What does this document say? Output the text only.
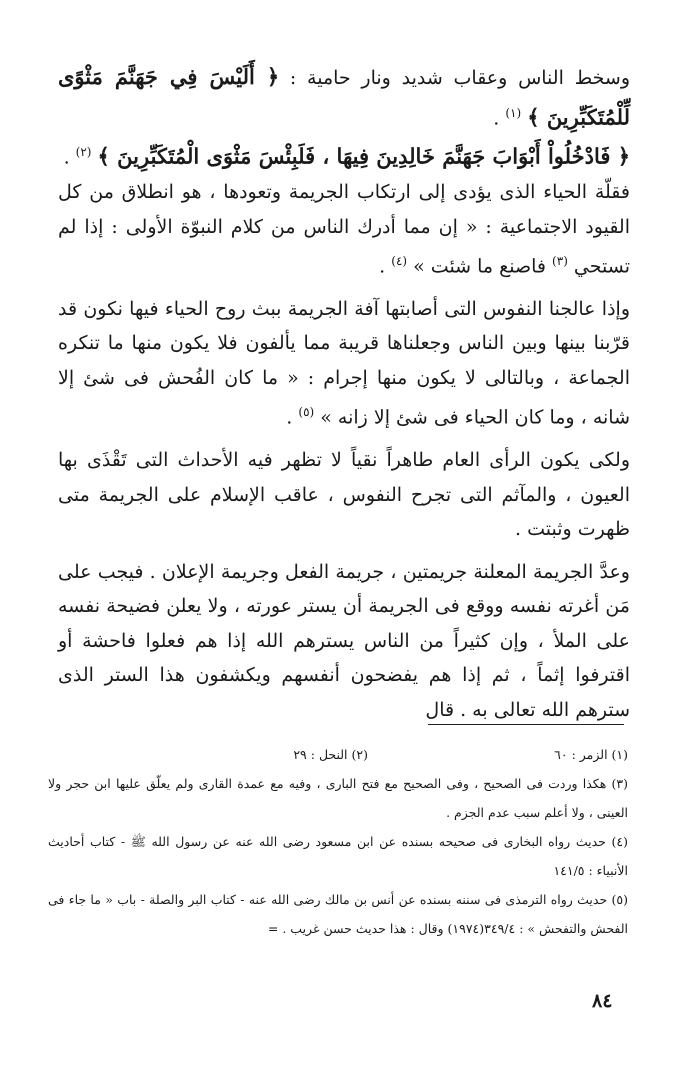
وسخط الناس وعقاب شديد ونار حامية : ﴿ أَلَيْسَ فِي جَهَنَّمَ مَثْوًى لِّلْمُتَكَبِّرِينَ ﴾ $^{(١)}$ .

﴿ فَادْخُلُواْ أَبْوَابَ جَهَنَّمَ خَالِدِينَ فِيهَا ، فَلَبِئْسَ مَثْوَى الْمُتَكَبِّرِينَ ﴾ $^{(٢)}$ .

فقلّة الحياء الذى يؤدى إلى ارتكاب الجريمة وتعودها ، هو انطلاق من كل القيود الاجتماعية : « إن مما أدرك الناس من كلام النبوّة الأولى : إذا لم تستحي $^{(٣)}$ فاصنع ما شئت » $^{(٤)}$ .

وإذا عالجنا النفوس التى أصابتها آفة الجريمة ببث روح الحياء فيها نكون قد قرّبنا بينها وبين الناس وجعلناها قريبة مما يألفون فلا يكون منها ما تنكره الجماعة ، وبالتالى لا يكون منها إجرام : « ما كان الفُحش فى شئ إلا شانه ، وما كان الحياء فى شئ إلا زانه » $^{(٥)}$ .

ولكى يكون الرأى العام طاهراً نقياً لا تظهر فيه الأحداث التى تَقْذَى بها العيون ، والمآثم التى تجرح النفوس ، عاقب الإسلام على الجريمة متى ظهرت وثبتت .

وعدَّ الجريمة المعلنة جريمتين ، جريمة الفعل وجريمة الإعلان . فيجب على مَن أغرته نفسه ووقع فى الجريمة أن يستر عورته ، ولا يعلن فضيحة نفسه على الملأ ، وإن كثيراً من الناس يسترهم الله إذا هم فعلوا فاحشة أو اقترفوا إثماً ، ثم إذا هم يفضحون أنفسهم ويكشفون هذا الستر الذى سترهم الله تعالى به . قال

(١) الزمر : ٦٠
(٢) النحل : ٢٩

(٣) هكذا وردت فى الصحيح ، وفى الصحيح مع فتح البارى ، وفيه مع عمدة القارى ولم يعلّق عليها ابن حجر ولا العينى ، ولا أعلم سبب عدم الجزم .

(٤) حديث رواه البخارى فى صحيحه بسنده عن ابن مسعود رضى الله عنه عن رسول الله ﷺ - كتاب أحاديث الأنبياء : ١٤١/٥

(٥) حديث رواه الترمذى فى سننه بسنده عن أنس بن مالك رضى الله عنه - كتاب البر والصلة - باب « ما جاء فى الفحش والتفحش » : ٣٤٩/٤(١٩٧٤) وقال : هذا حديث حسن غريب . =

٨٤
